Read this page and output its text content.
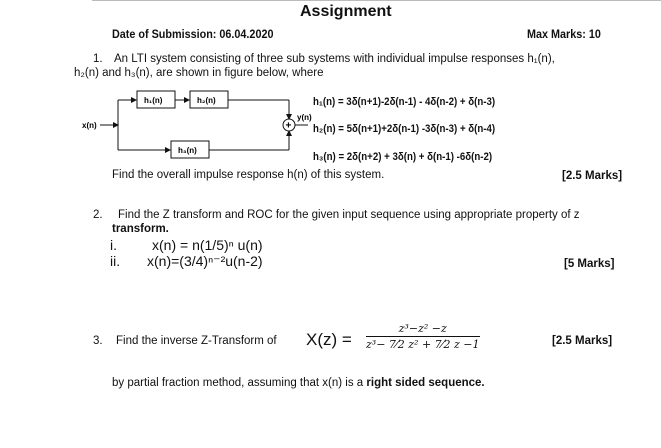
Assignment
Date of Submission: 06.04.2020	Max Marks: 10
1. An LTI system consisting of three sub systems with individual impulse responses h₁(n),
h₂(n) and h₃(n), are shown in figure below, where
x(n)
h₁(n)	h₂(n)
h₃(n)
+
y(n)
h₁(n) = 3δ(n+1)-2δ(n-1) - 4δ(n-2) + δ(n-3)
h₂(n) = 5δ(n+1)+2δ(n-1) -3δ(n-3) + δ(n-4)
h₃(n) = 2δ(n+2) + 3δ(n) + δ(n-1) -6δ(n-2)
Find the overall impulse response h(n) of this system.	[2.5 Marks]
2. Find the Z transform and ROC for the given input sequence using appropriate property of z
transform.
i.	x(n) = n(1/5)ⁿ u(n)
ii. x(n)=(3/4)ⁿ⁻²u(n-2)	[5 Marks]
3. Find the inverse Z-Transform of $X(z) = \frac{\text{z³−z² −z}}{\text{z³− 7⁄2 z² + 7⁄2 z −1}}$	[2.5 Marks]
by partial fraction method, assuming that x(n) is a right sided sequence.
